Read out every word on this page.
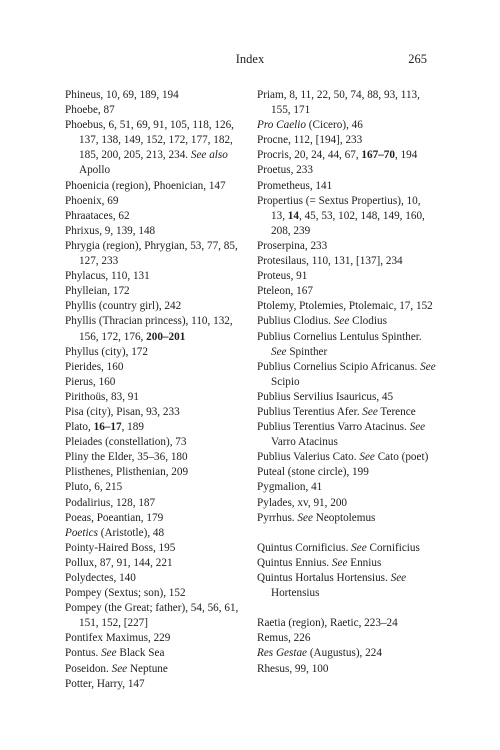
Index	265
Phineus, 10, 69, 189, 194
Phoebe, 87
Phoebus, 6, 51, 69, 91, 105, 118, 126, 137, 138, 149, 152, 172, 177, 182, 185, 200, 205, 213, 234. See also Apollo
Phoenicia (region), Phoenician, 147
Phoenix, 69
Phraataces, 62
Phrixus, 9, 139, 148
Phrygia (region), Phrygian, 53, 77, 85, 127, 233
Phylacus, 110, 131
Phylleian, 172
Phyllis (country girl), 242
Phyllis (Thracian princess), 110, 132, 156, 172, 176, 200–201
Phyllus (city), 172
Pierides, 160
Pierus, 160
Pirithoüs, 83, 91
Pisa (city), Pisan, 93, 233
Plato, 16–17, 189
Pleiades (constellation), 73
Pliny the Elder, 35–36, 180
Plisthenes, Plisthenian, 209
Pluto, 6, 215
Podalirius, 128, 187
Poeas, Poeantian, 179
Poetics (Aristotle), 48
Pointy-Haired Boss, 195
Pollux, 87, 91, 144, 221
Polydectes, 140
Pompey (Sextus; son), 152
Pompey (the Great; father), 54, 56, 61, 151, 152, [227]
Pontifex Maximus, 229
Pontus. See Black Sea
Poseidon. See Neptune
Potter, Harry, 147
Priam, 8, 11, 22, 50, 74, 88, 93, 113, 155, 171
Pro Caelio (Cicero), 46
Procne, 112, [194], 233
Procris, 20, 24, 44, 67, 167–70, 194
Proetus, 233
Prometheus, 141
Propertius (= Sextus Propertius), 10, 13, 14, 45, 53, 102, 148, 149, 160, 208, 239
Proserpina, 233
Protesilaus, 110, 131, [137], 234
Proteus, 91
Pteleon, 167
Ptolemy, Ptolemies, Ptolemaic, 17, 152
Publius Clodius. See Clodius
Publius Cornelius Lentulus Spinther. See Spinther
Publius Cornelius Scipio Africanus. See Scipio
Publius Servilius Isauricus, 45
Publius Terentius Afer. See Terence
Publius Terentius Varro Atacinus. See Varro Atacinus
Publius Valerius Cato. See Cato (poet)
Puteal (stone circle), 199
Pygmalion, 41
Pylades, xv, 91, 200
Pyrrhus. See Neoptolemus
Quintus Cornificius. See Cornificius
Quintus Ennius. See Ennius
Quintus Hortalus Hortensius. See Hortensius
Raetia (region), Raetic, 223–24
Remus, 226
Res Gestae (Augustus), 224
Rhesus, 99, 100
